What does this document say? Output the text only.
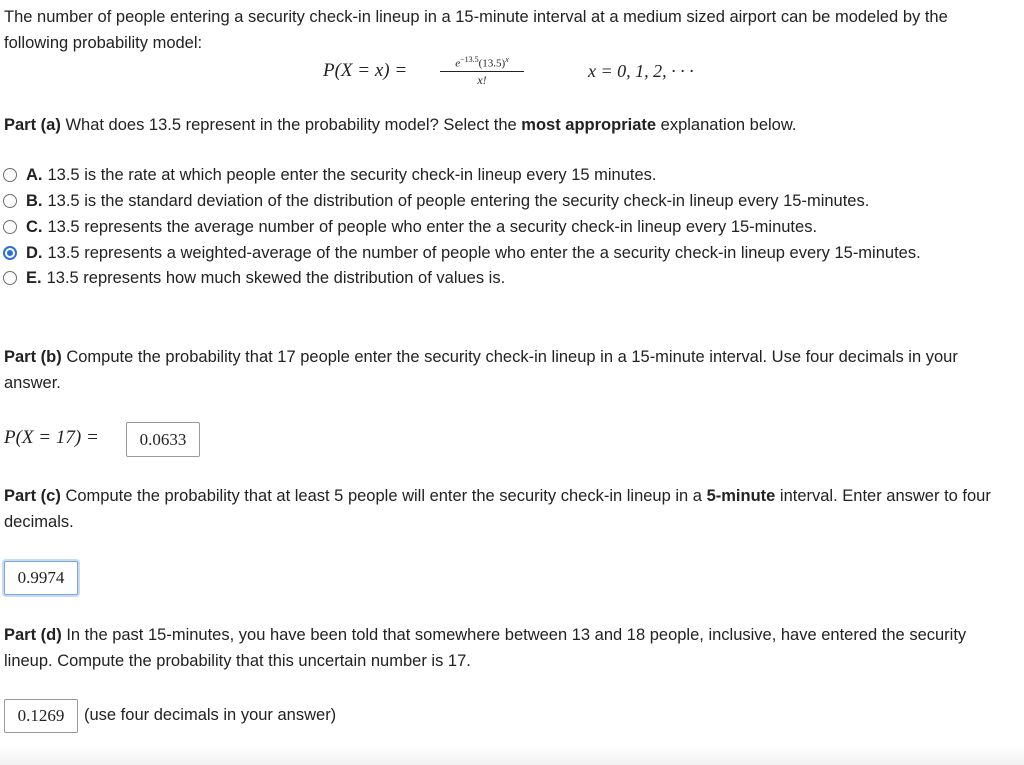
The number of people entering a security check-in lineup in a 15-minute interval at a medium sized airport can be modeled by the following probability model:
P(X = x) =	$e^{-13.5}(13.5)^x$
x!	x = 0, 1, 2, · · ·
Part (a) What does 13.5 represent in the probability model? Select the most appropriate explanation below.
A. 13.5 is the rate at which people enter the security check-in lineup every 15 minutes.
B. 13.5 is the standard deviation of the distribution of people entering the security check-in lineup every 15-minutes.
C. 13.5 represents the average number of people who enter the a security check-in lineup every 15-minutes.
D. 13.5 represents a weighted-average of the number of people who enter the a security check-in lineup every 15-minutes.
E. 13.5 represents how much skewed the distribution of values is.
Part (b) Compute the probability that 17 people enter the security check-in lineup in a 15-minute interval. Use four decimals in your answer.
P(X = 17) =	0.0633
Part (c) Compute the probability that at least 5 people will enter the security check-in lineup in a 5-minute interval. Enter answer to four decimals.
0.9974
Part (d) In the past 15-minutes, you have been told that somewhere between 13 and 18 people, inclusive, have entered the security lineup. Compute the probability that this uncertain number is 17.
0.1269	(use four decimals in your answer)
